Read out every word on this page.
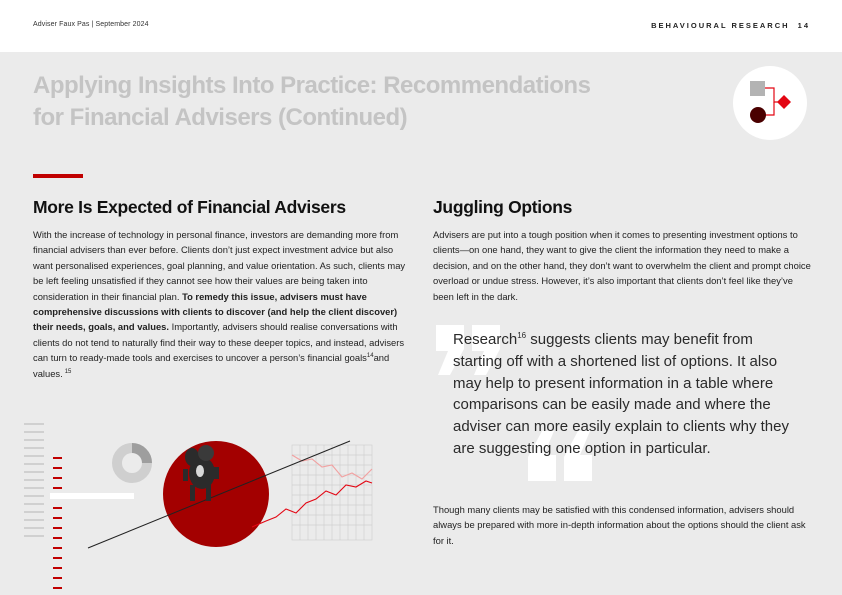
Adviser Faux Pas | September 2024	BEHAVIOURAL RESEARCH 14
Applying Insights Into Practice: Recommendations
for Financial Advisers (Continued)
More Is Expected of Financial Advisers
With the increase of technology in personal finance, investors are demanding more from financial advisers than ever before. Clients don’t just expect investment advice but also want personalised experiences, goal planning, and value orientation. As such, clients may be left feeling unsatisfied if they cannot see how their values are being taken into consideration in their financial plan. To remedy this issue, advisers must have comprehensive discussions with clients to discover (and help the client discover) their needs, goals, and values. Importantly, advisers should realise conversations with clients do not tend to naturally find their way to these deeper topics, and instead, advisers can turn to ready-made tools and exercises to uncover a person’s financial goals$^{14}$and values. $^{15}$
Juggling Options
Advisers are put into a tough position when it comes to presenting investment options to clients—on one hand, they want to give the client the information they need to make a decision, and on the other hand, they don’t want to overwhelm the client and prompt choice overload or undue stress. However, it’s also important that clients don’t feel like they’ve been left in the dark.
Research$^{16}$ suggests clients may benefit from starting off with a shortened list of options. It also may help to present information in a table where comparisons can be easily made and where the adviser can more easily explain to clients why they are suggesting one option in particular.
Though many clients may be satisfied with this condensed information, advisers should always be prepared with more in-depth information about the options should the client ask for it.
